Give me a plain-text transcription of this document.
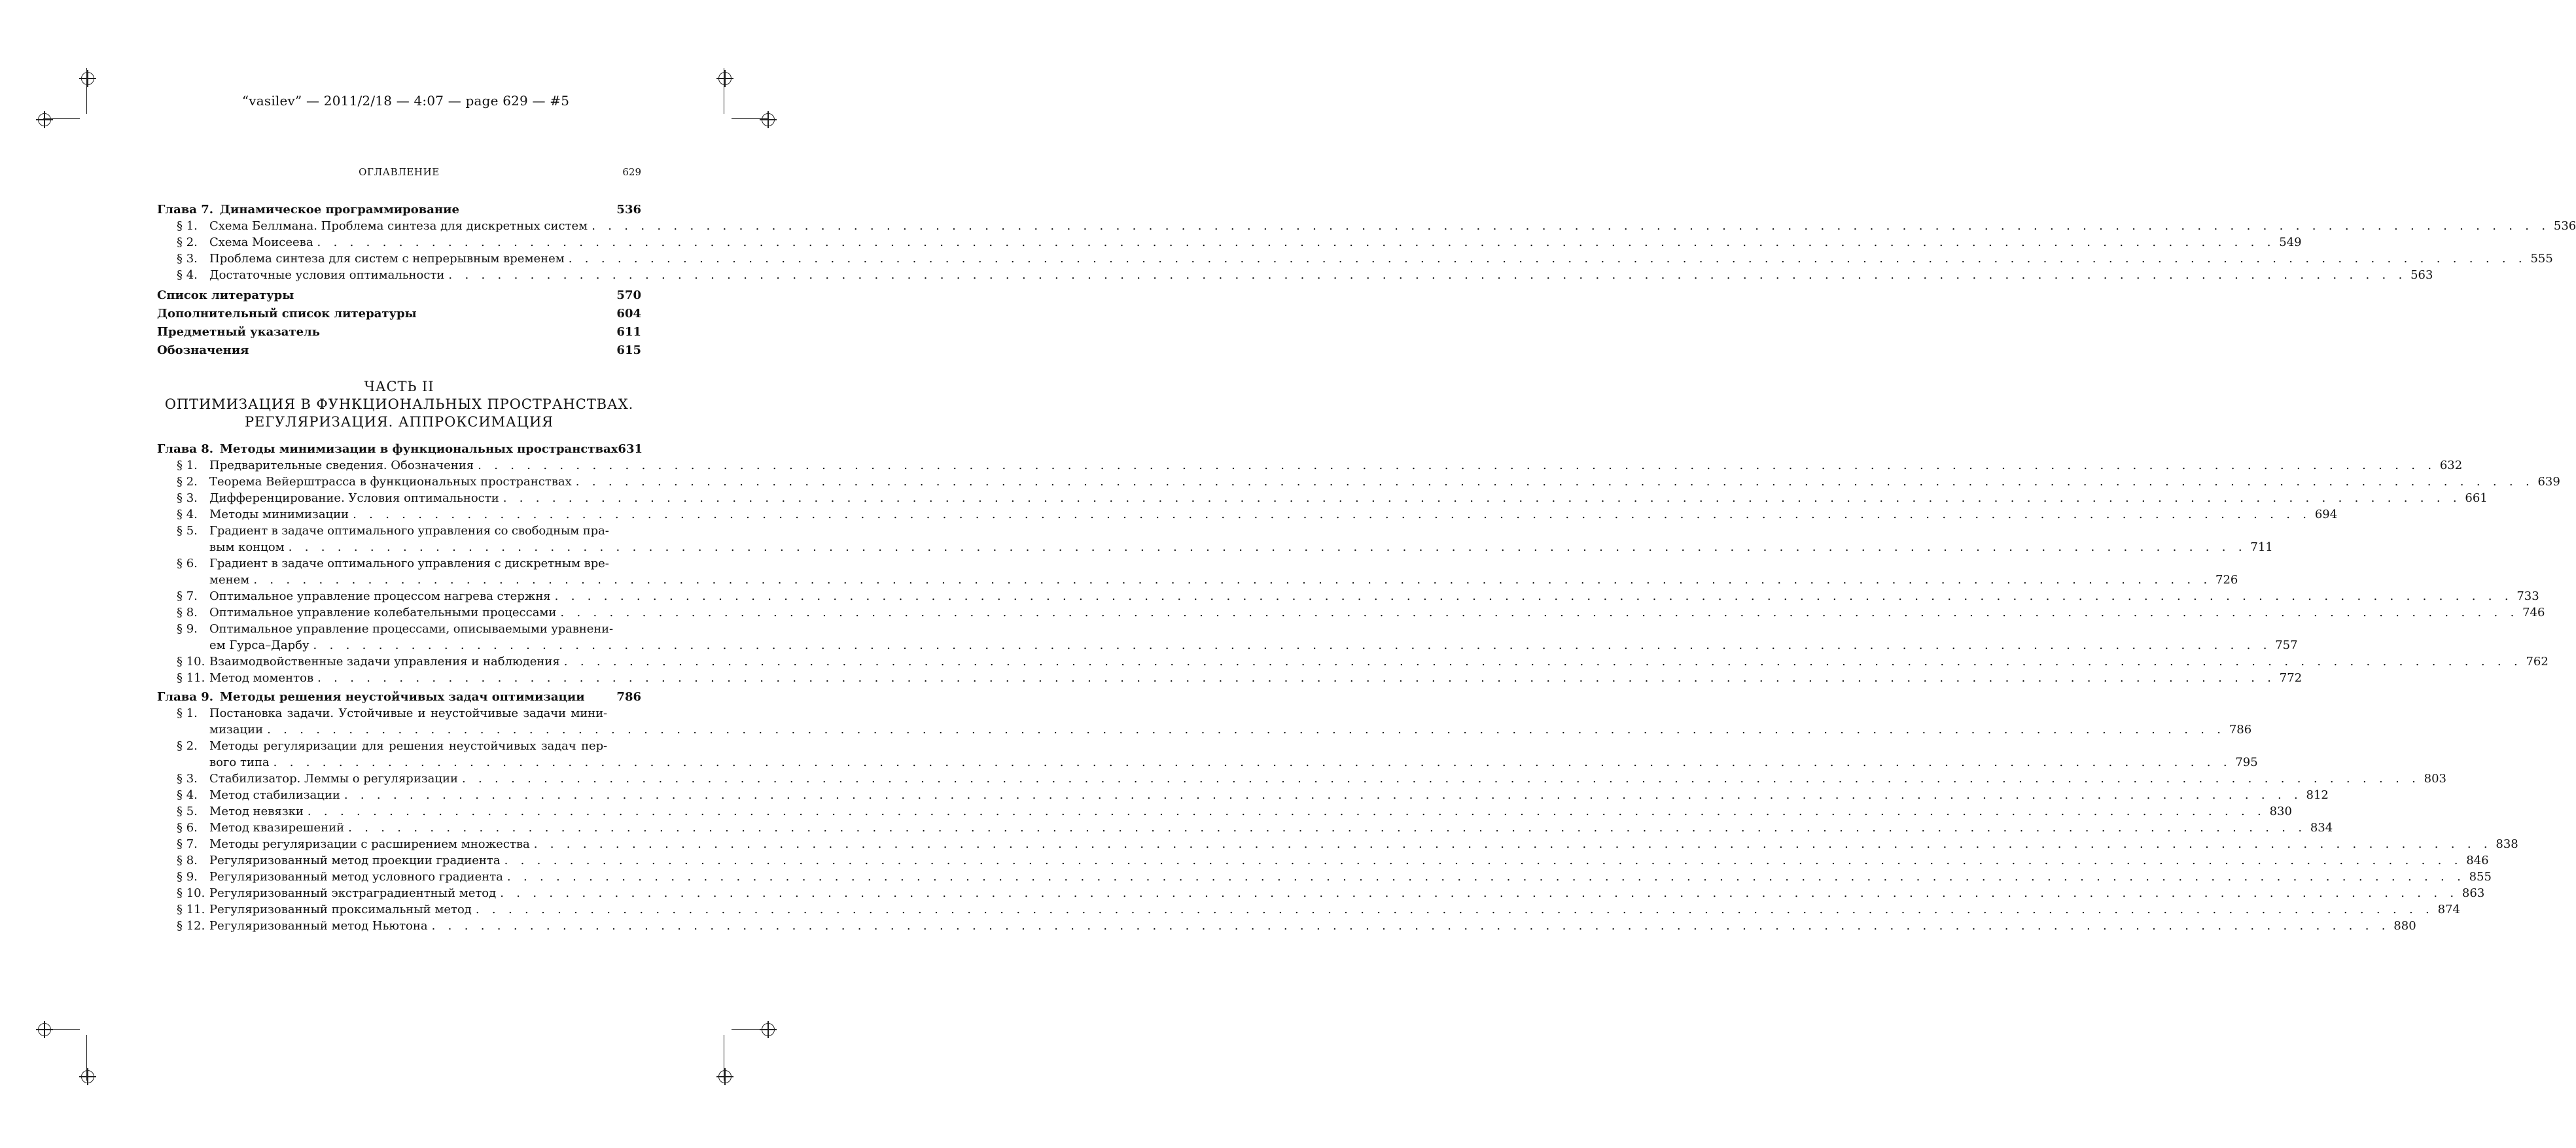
“vasilev” — 2011/2/18 — 4:07 — page 629 — #5
ОГЛАВЛЕНИЕ	629
Глава 7. Динамическое программирование	536
§ 1.	Схема Беллмана. Проблема синтеза для дискретных систем . . . . . . . . . . . . . . . . . . . . . . . . . . . . . . . . . . . . . . . . . . . . . . . . . . . . . . . . . . . . . . . . . . . . . . . . . . . . . . . . . . . . . . . . . . . . . . . . . . . . . . . . . . . . . . . . . . . . . . . . 536
§ 2.	Схема Моисеева . . . . . . . . . . . . . . . . . . . . . . . . . . . . . . . . . . . . . . . . . . . . . . . . . . . . . . . . . . . . . . . . . . . . . . . . . . . . . . . . . . . . . . . . . . . . . . . . . . . . . . . . . . . . . . . . . . . . . . . . 549
§ 3.	Проблема синтеза для систем с непрерывным временем . . . . . . . . . . . . . . . . . . . . . . . . . . . . . . . . . . . . . . . . . . . . . . . . . . . . . . . . . . . . . . . . . . . . . . . . . . . . . . . . . . . . . . . . . . . . . . . . . . . . . . . . . . . . . . . . . . . . . . . . 555
§ 4.	Достаточные условия оптимальности . . . . . . . . . . . . . . . . . . . . . . . . . . . . . . . . . . . . . . . . . . . . . . . . . . . . . . . . . . . . . . . . . . . . . . . . . . . . . . . . . . . . . . . . . . . . . . . . . . . . . . . . . . . . . . . . . . . . . . . . 563
Список литературы	570
Дополнительный список литературы	604
Предметный указатель	611
Обозначения	615
ЧАСТЬ II
ОПТИМИЗАЦИЯ В ФУНКЦИОНАЛЬНЫХ ПРОСТРАНСТВАХ.
РЕГУЛЯРИЗАЦИЯ. АППРОКСИМАЦИЯ
Глава 8. Методы минимизации в функциональных пространствах 631
§ 1.	Предварительные сведения. Обозначения . . . . . . . . . . . . . . . . . . . . . . . . . . . . . . . . . . . . . . . . . . . . . . . . . . . . . . . . . . . . . . . . . . . . . . . . . . . . . . . . . . . . . . . . . . . . . . . . . . . . . . . . . . . . . . . . . . . . . . . . 632
§ 2.	Теорема Вейерштрасса в функциональных пространствах . . . . . . . . . . . . . . . . . . . . . . . . . . . . . . . . . . . . . . . . . . . . . . . . . . . . . . . . . . . . . . . . . . . . . . . . . . . . . . . . . . . . . . . . . . . . . . . . . . . . . . . . . . . . . . . . . . . . . . . . 639
§ 3.	Дифференцирование. Условия оптимальности . . . . . . . . . . . . . . . . . . . . . . . . . . . . . . . . . . . . . . . . . . . . . . . . . . . . . . . . . . . . . . . . . . . . . . . . . . . . . . . . . . . . . . . . . . . . . . . . . . . . . . . . . . . . . . . . . . . . . . . . 661
§ 4.	Методы минимизации . . . . . . . . . . . . . . . . . . . . . . . . . . . . . . . . . . . . . . . . . . . . . . . . . . . . . . . . . . . . . . . . . . . . . . . . . . . . . . . . . . . . . . . . . . . . . . . . . . . . . . . . . . . . . . . . . . . . . . . . 694
§ 5.	Градиент в задаче оптимального управления со свободным пра-
вым концом . . . . . . . . . . . . . . . . . . . . . . . . . . . . . . . . . . . . . . . . . . . . . . . . . . . . . . . . . . . . . . . . . . . . . . . . . . . . . . . . . . . . . . . . . . . . . . . . . . . . . . . . . . . . . . . . . . . . . . . . 711
§ 6.	Градиент в задаче оптимального управления с дискретным вре-
менем . . . . . . . . . . . . . . . . . . . . . . . . . . . . . . . . . . . . . . . . . . . . . . . . . . . . . . . . . . . . . . . . . . . . . . . . . . . . . . . . . . . . . . . . . . . . . . . . . . . . . . . . . . . . . . . . . . . . . . . . 726
§ 7.	Оптимальное управление процессом нагрева стержня . . . . . . . . . . . . . . . . . . . . . . . . . . . . . . . . . . . . . . . . . . . . . . . . . . . . . . . . . . . . . . . . . . . . . . . . . . . . . . . . . . . . . . . . . . . . . . . . . . . . . . . . . . . . . . . . . . . . . . . . 733
§ 8.	Оптимальное управление колебательными процессами . . . . . . . . . . . . . . . . . . . . . . . . . . . . . . . . . . . . . . . . . . . . . . . . . . . . . . . . . . . . . . . . . . . . . . . . . . . . . . . . . . . . . . . . . . . . . . . . . . . . . . . . . . . . . . . . . . . . . . . . 746
§ 9.	Оптимальное управление процессами, описываемыми уравнени-
ем Гурса–Дарбу . . . . . . . . . . . . . . . . . . . . . . . . . . . . . . . . . . . . . . . . . . . . . . . . . . . . . . . . . . . . . . . . . . . . . . . . . . . . . . . . . . . . . . . . . . . . . . . . . . . . . . . . . . . . . . . . . . . . . . . . 757
§ 10. Взаимодвойственные задачи управления и наблюдения . . . . . . . . . . . . . . . . . . . . . . . . . . . . . . . . . . . . . . . . . . . . . . . . . . . . . . . . . . . . . . . . . . . . . . . . . . . . . . . . . . . . . . . . . . . . . . . . . . . . . . . . . . . . . . . . . . . . . . . . 762
§ 11. Метод моментов . . . . . . . . . . . . . . . . . . . . . . . . . . . . . . . . . . . . . . . . . . . . . . . . . . . . . . . . . . . . . . . . . . . . . . . . . . . . . . . . . . . . . . . . . . . . . . . . . . . . . . . . . . . . . . . . . . . . . . . . 772
Глава 9. Методы решения неустойчивых задач оптимизации	786
§ 1.	Постановка задачи. Устойчивые и неустойчивые задачи мини-
мизации . . . . . . . . . . . . . . . . . . . . . . . . . . . . . . . . . . . . . . . . . . . . . . . . . . . . . . . . . . . . . . . . . . . . . . . . . . . . . . . . . . . . . . . . . . . . . . . . . . . . . . . . . . . . . . . . . . . . . . . . 786
§ 2.	Методы регуляризации для решения неустойчивых задач пер-
вого типа . . . . . . . . . . . . . . . . . . . . . . . . . . . . . . . . . . . . . . . . . . . . . . . . . . . . . . . . . . . . . . . . . . . . . . . . . . . . . . . . . . . . . . . . . . . . . . . . . . . . . . . . . . . . . . . . . . . . . . . . 795
§ 3.	Стабилизатор. Леммы о регуляризации . . . . . . . . . . . . . . . . . . . . . . . . . . . . . . . . . . . . . . . . . . . . . . . . . . . . . . . . . . . . . . . . . . . . . . . . . . . . . . . . . . . . . . . . . . . . . . . . . . . . . . . . . . . . . . . . . . . . . . . . 803
§ 4.	Метод стабилизации . . . . . . . . . . . . . . . . . . . . . . . . . . . . . . . . . . . . . . . . . . . . . . . . . . . . . . . . . . . . . . . . . . . . . . . . . . . . . . . . . . . . . . . . . . . . . . . . . . . . . . . . . . . . . . . . . . . . . . . . 812
§ 5.	Метод невязки . . . . . . . . . . . . . . . . . . . . . . . . . . . . . . . . . . . . . . . . . . . . . . . . . . . . . . . . . . . . . . . . . . . . . . . . . . . . . . . . . . . . . . . . . . . . . . . . . . . . . . . . . . . . . . . . . . . . . . . . 830
§ 6.	Метод квазирешений . . . . . . . . . . . . . . . . . . . . . . . . . . . . . . . . . . . . . . . . . . . . . . . . . . . . . . . . . . . . . . . . . . . . . . . . . . . . . . . . . . . . . . . . . . . . . . . . . . . . . . . . . . . . . . . . . . . . . . . . 834
§ 7.	Методы регуляризации с расширением множества . . . . . . . . . . . . . . . . . . . . . . . . . . . . . . . . . . . . . . . . . . . . . . . . . . . . . . . . . . . . . . . . . . . . . . . . . . . . . . . . . . . . . . . . . . . . . . . . . . . . . . . . . . . . . . . . . . . . . . . . 838
§ 8.	Регуляризованный метод проекции градиента . . . . . . . . . . . . . . . . . . . . . . . . . . . . . . . . . . . . . . . . . . . . . . . . . . . . . . . . . . . . . . . . . . . . . . . . . . . . . . . . . . . . . . . . . . . . . . . . . . . . . . . . . . . . . . . . . . . . . . . . 846
§ 9.	Регуляризованный метод условного градиента . . . . . . . . . . . . . . . . . . . . . . . . . . . . . . . . . . . . . . . . . . . . . . . . . . . . . . . . . . . . . . . . . . . . . . . . . . . . . . . . . . . . . . . . . . . . . . . . . . . . . . . . . . . . . . . . . . . . . . . . 855
§ 10. Регуляризованный экстраградиентный метод . . . . . . . . . . . . . . . . . . . . . . . . . . . . . . . . . . . . . . . . . . . . . . . . . . . . . . . . . . . . . . . . . . . . . . . . . . . . . . . . . . . . . . . . . . . . . . . . . . . . . . . . . . . . . . . . . . . . . . . . 863
§ 11. Регуляризованный проксимальный метод . . . . . . . . . . . . . . . . . . . . . . . . . . . . . . . . . . . . . . . . . . . . . . . . . . . . . . . . . . . . . . . . . . . . . . . . . . . . . . . . . . . . . . . . . . . . . . . . . . . . . . . . . . . . . . . . . . . . . . . . 874
§ 12. Регуляризованный метод Ньютона . . . . . . . . . . . . . . . . . . . . . . . . . . . . . . . . . . . . . . . . . . . . . . . . . . . . . . . . . . . . . . . . . . . . . . . . . . . . . . . . . . . . . . . . . . . . . . . . . . . . . . . . . . . . . . . . . . . . . . . . 880
